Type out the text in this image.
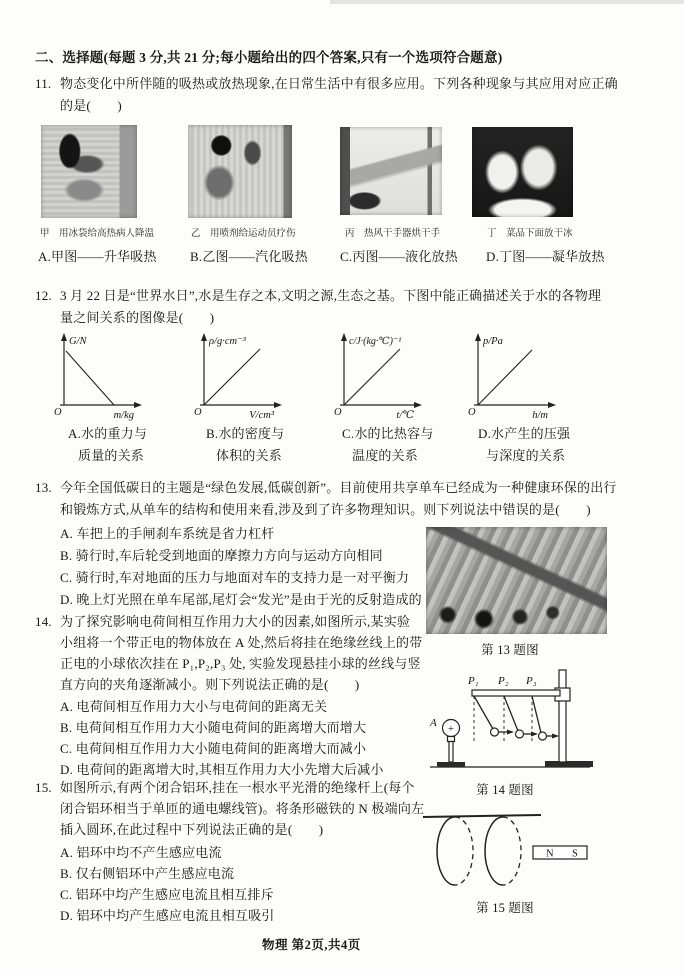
二、选择题(每题 3 分,共 21 分;每小题给出的四个答案,只有一个选项符合题意)
11. 物态变化中所伴随的吸热或放热现象,在日常生活中有很多应用。下列各种现象与其应用对应正确
的是(　　)
甲　用冰袋给高热病人降温	乙　用喷剂给运动员疗伤	丙　热风干手器烘干手	丁　菜品下面放干冰
A.甲图——升华吸热	B.乙图——汽化吸热 C.丙图——液化放热 D.丁图——凝华放热
12. 3 月 22 日是“世界水日”,水是生存之本,文明之源,生态之基。下图中能正确描述关于水的各物理
量之间关系的图像是(　　)
O
G/N
m/kg	O
ρ/g·cm⁻³
V/cm³	O
c/J·(kg·℃)⁻¹
t/℃	O
p/Pa
h/m
A.水的重力与
质量的关系
B.水的密度与
体积的关系
C.水的比热容与
温度的关系
D.水产生的压强
与深度的关系
13. 今年全国低碳日的主题是“绿色发展,低碳创新”。目前使用共享单车已经成为一种健康环保的出行
和锻炼方式,从单车的结构和使用来看,涉及到了许多物理知识。则下列说法中错误的是(　　)
A. 车把上的手闸刹车系统是省力杠杆
B. 骑行时,车后轮受到地面的摩擦力方向与运动方向相同
C. 骑行时,车对地面的压力与地面对车的支持力是一对平衡力
D. 晚上灯光照在单车尾部,尾灯会“发光”是由于光的反射造成的
第 13 题图
14. 为了探究影响电荷间相互作用力大小的因素,如图所示,某实验
小组将一个带正电的物体放在 A 处,然后将挂在绝缘丝线上的带
正电的小球依次挂在 P₁,P₂,P₃ 处, 实验发现悬挂小球的丝线与竖
直方向的夹角逐渐减小。则下列说法正确的是(　　)
A. 电荷间相互作用力大小与电荷间的距离无关
B. 电荷间相互作用力大小随电荷间的距离增大而增大
C. 电荷间相互作用力大小随电荷间的距离增大而减小
D. 电荷间的距离增大时,其相互作用力大小先增大后减小
P₁ P₂ P₃
A
+
第 14 题图
15. 如图所示,有两个闭合铝环,挂在一根水平光滑的绝缘杆上(每个
闭合铝环相当于单匝的通电螺线管)。将条形磁铁的 N 极端向左
插入圆环,在此过程中下列说法正确的是(　　)
A. 铝环中均不产生感应电流
B. 仅右侧铝环中产生感应电流
C. 铝环中均产生感应电流且相互排斥
D. 铝环中均产生感应电流且相互吸引
N S
第 15 题图
物理 第2页,共4页
